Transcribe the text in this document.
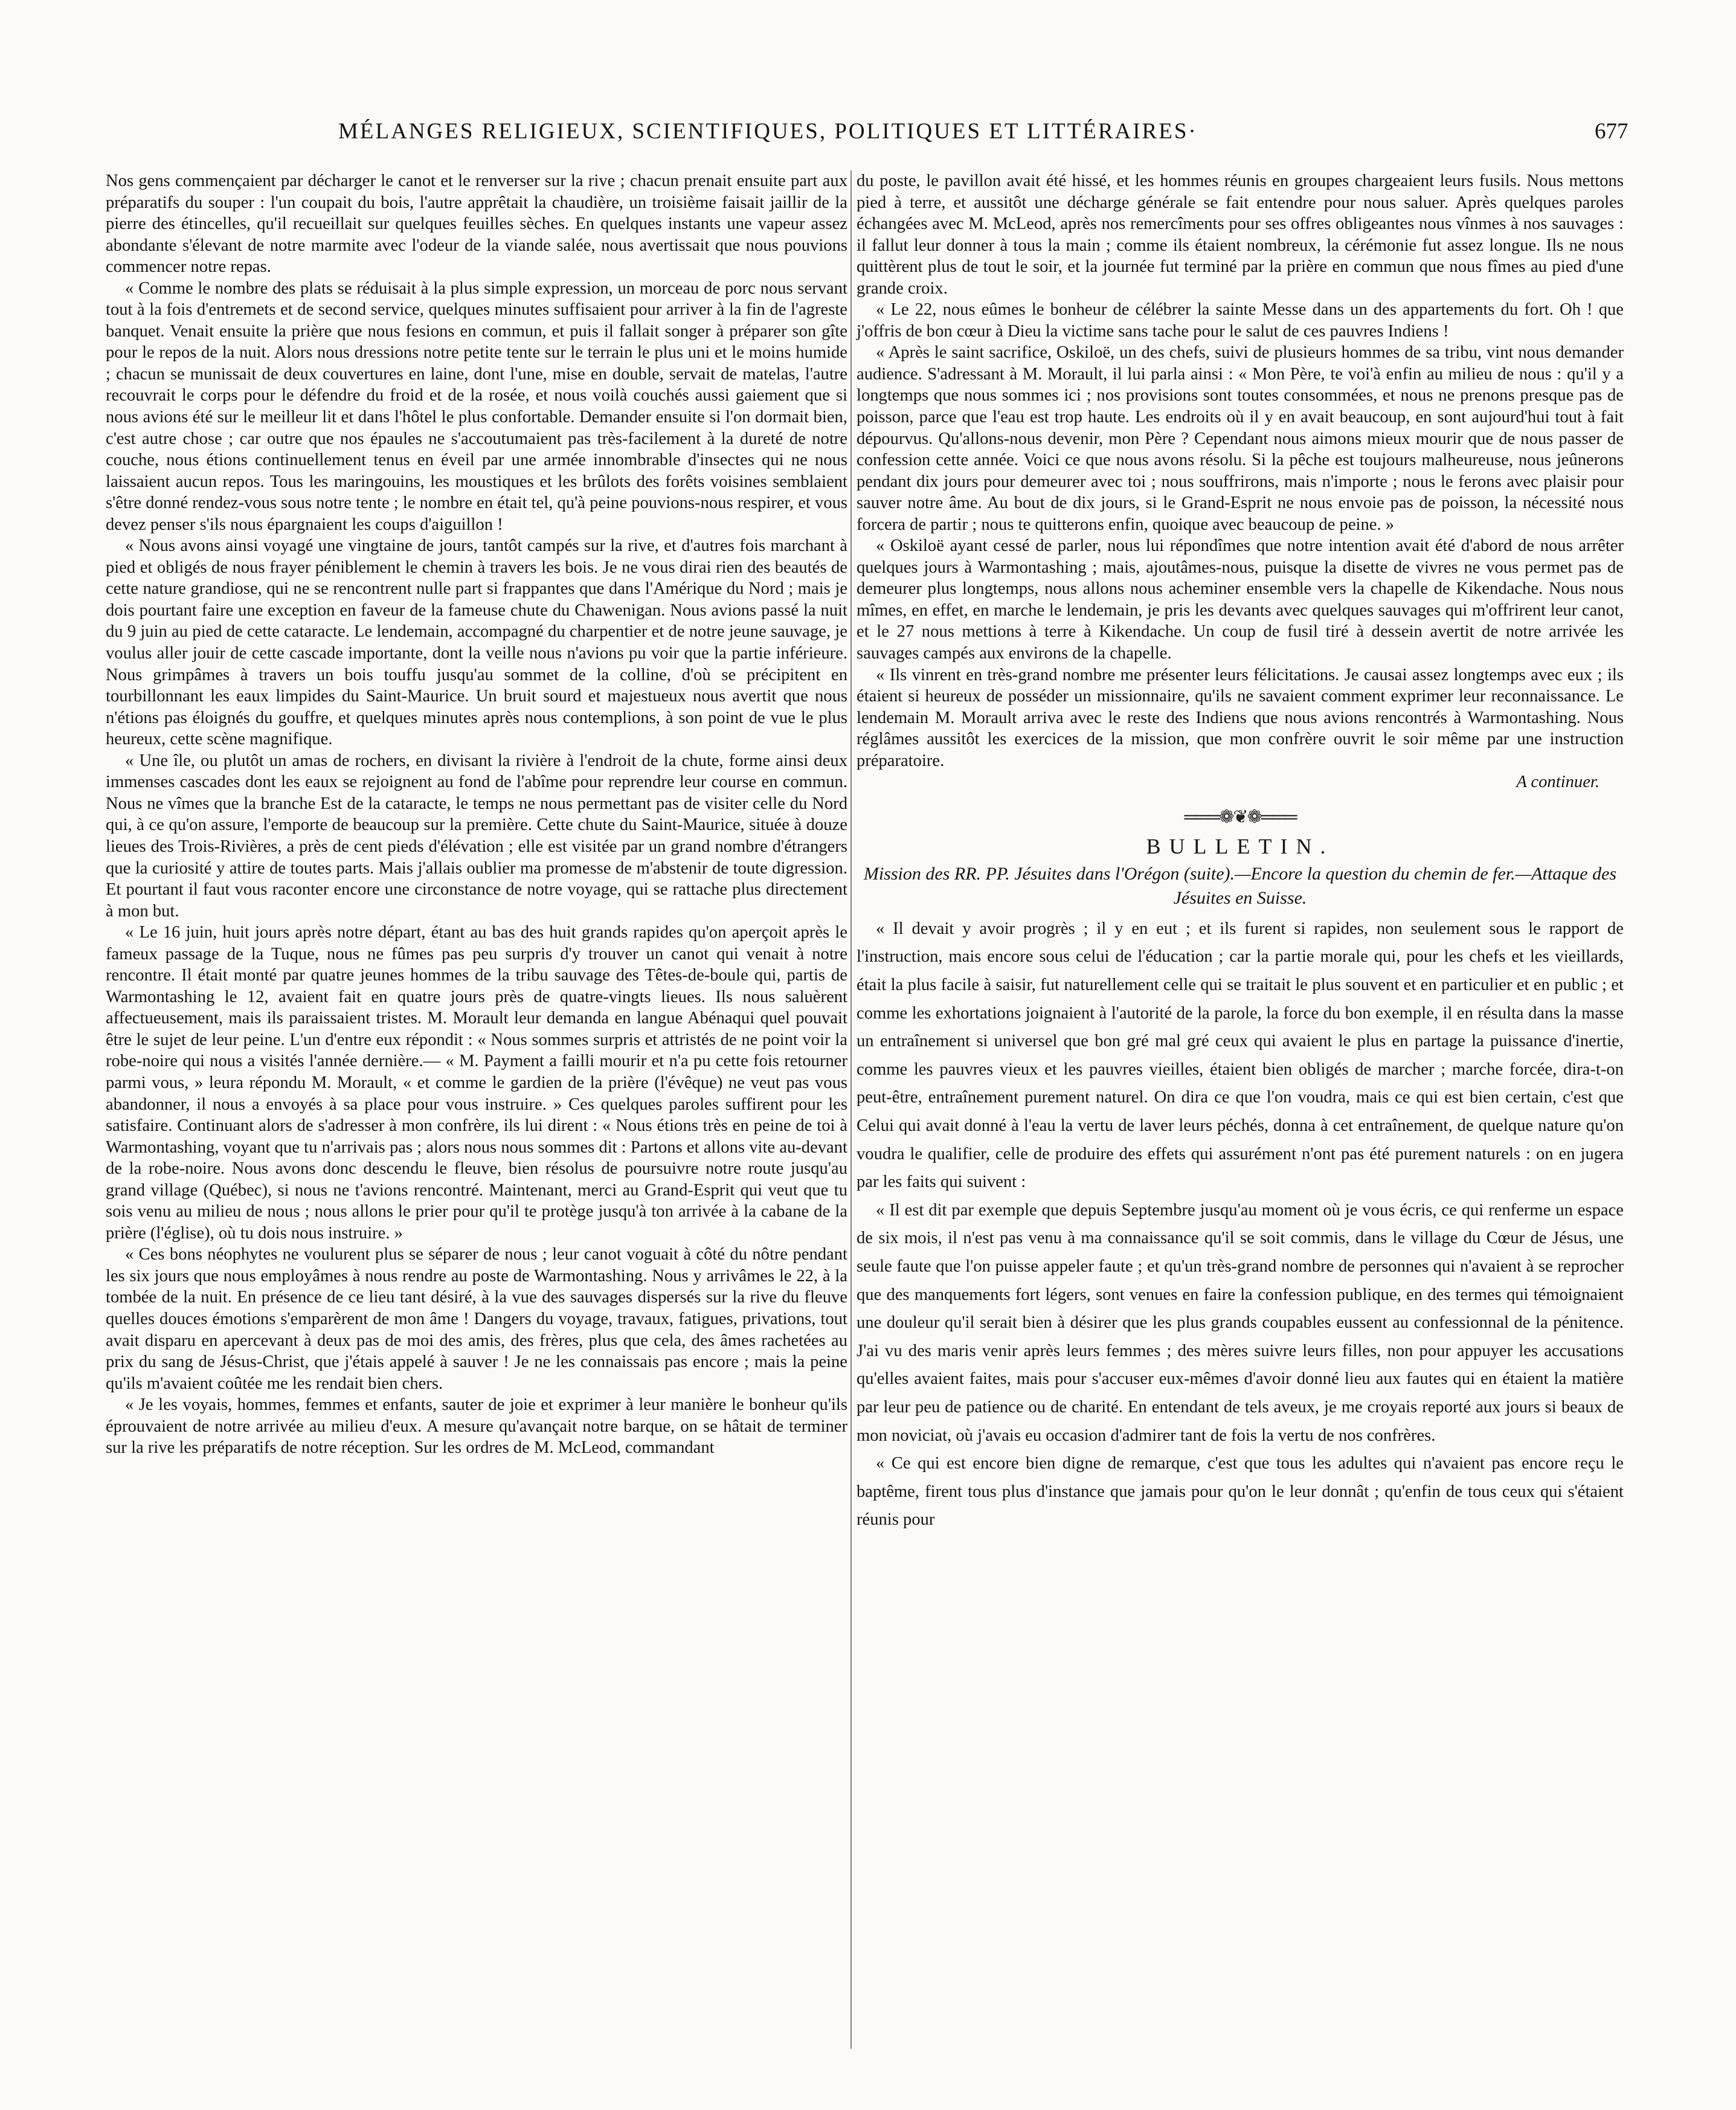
MÉLANGES RELIGIEUX, SCIENTIFIQUES, POLITIQUES ET LITTÉRAIRES·	677

Nos gens commençaient par décharger le canot et le renverser sur la rive ; chacun prenait ensuite part aux préparatifs du souper : l'un coupait du bois, l'autre apprêtait la chaudière, un troisième faisait jaillir de la pierre des étincelles, qu'il recueillait sur quelques feuilles sèches. En quelques instants une vapeur assez abondante s'élevant de notre marmite avec l'odeur de la viande salée, nous avertissait que nous pouvions commencer notre repas.

« Comme le nombre des plats se réduisait à la plus simple expression, un morceau de porc nous servant tout à la fois d'entremets et de second service, quelques minutes suffisaient pour arriver à la fin de l'agreste banquet. Venait ensuite la prière que nous fesions en commun, et puis il fallait songer à préparer son gîte pour le repos de la nuit. Alors nous dressions notre petite tente sur le terrain le plus uni et le moins humide ; chacun se munissait de deux couvertures en laine, dont l'une, mise en double, servait de matelas, l'autre recouvrait le corps pour le défendre du froid et de la rosée, et nous voilà couchés aussi gaiement que si nous avions été sur le meilleur lit et dans l'hôtel le plus confortable. Demander ensuite si l'on dormait bien, c'est autre chose ; car outre que nos épaules ne s'accoutumaient pas très-facilement à la dureté de notre couche, nous étions continuellement tenus en éveil par une armée innombrable d'insectes qui ne nous laissaient aucun repos. Tous les maringouins, les moustiques et les brûlots des forêts voisines semblaient s'être donné rendez-vous sous notre tente ; le nombre en était tel, qu'à peine pouvions-nous respirer, et vous devez penser s'ils nous épargnaient les coups d'aiguillon !

« Nous avons ainsi voyagé une vingtaine de jours, tantôt campés sur la rive, et d'autres fois marchant à pied et obligés de nous frayer péniblement le chemin à travers les bois. Je ne vous dirai rien des beautés de cette nature grandiose, qui ne se rencontrent nulle part si frappantes que dans l'Amérique du Nord ; mais je dois pourtant faire une exception en faveur de la fameuse chute du Chawenigan. Nous avions passé la nuit du 9 juin au pied de cette cataracte. Le lendemain, accompagné du charpentier et de notre jeune sauvage, je voulus aller jouir de cette cascade importante, dont la veille nous n'avions pu voir que la partie inférieure. Nous grimpâmes à travers un bois touffu jusqu'au sommet de la colline, d'où se précipitent en tourbillonnant les eaux limpides du Saint-Maurice. Un bruit sourd et majestueux nous avertit que nous n'étions pas éloignés du gouffre, et quelques minutes après nous contemplions, à son point de vue le plus heureux, cette scène magnifique.

« Une île, ou plutôt un amas de rochers, en divisant la rivière à l'endroit de la chute, forme ainsi deux immenses cascades dont les eaux se rejoignent au fond de l'abîme pour reprendre leur course en commun. Nous ne vîmes que la branche Est de la cataracte, le temps ne nous permettant pas de visiter celle du Nord qui, à ce qu'on assure, l'emporte de beaucoup sur la première. Cette chute du Saint-Maurice, située à douze lieues des Trois-Rivières, a près de cent pieds d'élévation ; elle est visitée par un grand nombre d'étrangers que la curiosité y attire de toutes parts. Mais j'allais oublier ma promesse de m'abstenir de toute digression. Et pourtant il faut vous raconter encore une circonstance de notre voyage, qui se rattache plus directement à mon but.

« Le 16 juin, huit jours après notre départ, étant au bas des huit grands rapides qu'on aperçoit après le fameux passage de la Tuque, nous ne fûmes pas peu surpris d'y trouver un canot qui venait à notre rencontre. Il était monté par quatre jeunes hommes de la tribu sauvage des Têtes-de-boule qui, partis de Warmontashing le 12, avaient fait en quatre jours près de quatre-vingts lieues. Ils nous saluèrent affectueusement, mais ils paraissaient tristes. M. Morault leur demanda en langue Abénaqui quel pouvait être le sujet de leur peine. L'un d'entre eux répondit : « Nous sommes surpris et attristés de ne point voir la robe-noire qui nous a visités l'année dernière.— « M. Payment a failli mourir et n'a pu cette fois retourner parmi vous, » leura répondu M. Morault, « et comme le gardien de la prière (l'évêque) ne veut pas vous abandonner, il nous a envoyés à sa place pour vous instruire. » Ces quelques paroles suffirent pour les satisfaire. Continuant alors de s'adresser à mon confrère, ils lui dirent : « Nous étions très en peine de toi à Warmontashing, voyant que tu n'arrivais pas ; alors nous nous sommes dit : Partons et allons vite au-devant de la robe-noire. Nous avons donc descendu le fleuve, bien résolus de poursuivre notre route jusqu'au grand village (Québec), si nous ne t'avions rencontré. Maintenant, merci au Grand-Esprit qui veut que tu sois venu au milieu de nous ; nous allons le prier pour qu'il te protège jusqu'à ton arrivée à la cabane de la prière (l'église), où tu dois nous instruire. »

« Ces bons néophytes ne voulurent plus se séparer de nous ; leur canot voguait à côté du nôtre pendant les six jours que nous employâmes à nous rendre au poste de Warmontashing. Nous y arrivâmes le 22, à la tombée de la nuit. En présence de ce lieu tant désiré, à la vue des sauvages dispersés sur la rive du fleuve quelles douces émotions s'emparèrent de mon âme ! Dangers du voyage, travaux, fatigues, privations, tout avait disparu en apercevant à deux pas de moi des amis, des frères, plus que cela, des âmes rachetées au prix du sang de Jésus-Christ, que j'étais appelé à sauver ! Je ne les connaissais pas encore ; mais la peine qu'ils m'avaient coûtée me les rendait bien chers.

« Je les voyais, hommes, femmes et enfants, sauter de joie et exprimer à leur manière le bonheur qu'ils éprouvaient de notre arrivée au milieu d'eux. A mesure qu'avançait notre barque, on se hâtait de terminer sur la rive les préparatifs de notre réception. Sur les ordres de M. McLeod, commandant

du poste, le pavillon avait été hissé, et les hommes réunis en groupes chargeaient leurs fusils. Nous mettons pied à terre, et aussitôt une décharge générale se fait entendre pour nous saluer. Après quelques paroles échangées avec M. McLeod, après nos remercîments pour ses offres obligeantes nous vînmes à nos sauvages : il fallut leur donner à tous la main ; comme ils étaient nombreux, la cérémonie fut assez longue. Ils ne nous quittèrent plus de tout le soir, et la journée fut terminé par la prière en commun que nous fîmes au pied d'une grande croix.

« Le 22, nous eûmes le bonheur de célébrer la sainte Messe dans un des appartements du fort. Oh ! que j'offris de bon cœur à Dieu la victime sans tache pour le salut de ces pauvres Indiens !

« Après le saint sacrifice, Oskiloë, un des chefs, suivi de plusieurs hommes de sa tribu, vint nous demander audience. S'adressant à M. Morault, il lui parla ainsi : « Mon Père, te voi'à enfin au milieu de nous : qu'il y a longtemps que nous sommes ici ; nos provisions sont toutes consommées, et nous ne prenons presque pas de poisson, parce que l'eau est trop haute. Les endroits où il y en avait beaucoup, en sont aujourd'hui tout à fait dépourvus. Qu'allons-nous devenir, mon Père ? Cependant nous aimons mieux mourir que de nous passer de confession cette année. Voici ce que nous avons résolu. Si la pêche est toujours malheureuse, nous jeûnerons pendant dix jours pour demeurer avec toi ; nous souffrirons, mais n'importe ; nous le ferons avec plaisir pour sauver notre âme. Au bout de dix jours, si le Grand-Esprit ne nous envoie pas de poisson, la nécessité nous forcera de partir ; nous te quitterons enfin, quoique avec beaucoup de peine. »

« Oskiloë ayant cessé de parler, nous lui répondîmes que notre intention avait été d'abord de nous arrêter quelques jours à Warmontashing ; mais, ajoutâmes-nous, puisque la disette de vivres ne vous permet pas de demeurer plus longtemps, nous allons nous acheminer ensemble vers la chapelle de Kikendache. Nous nous mîmes, en effet, en marche le lendemain, je pris les devants avec quelques sauvages qui m'offrirent leur canot, et le 27 nous mettions à terre à Kikendache. Un coup de fusil tiré à dessein avertit de notre arrivée les sauvages campés aux environs de la chapelle.

« Ils vinrent en très-grand nombre me présenter leurs félicitations. Je causai assez longtemps avec eux ; ils étaient si heureux de posséder un missionnaire, qu'ils ne savaient comment exprimer leur reconnaissance. Le lendemain M. Morault arriva avec le reste des Indiens que nous avions rencontrés à Warmontashing. Nous réglâmes aussitôt les exercices de la mission, que mon confrère ouvrit le soir même par une instruction préparatoire.

A continuer.

═══❁❦❁═══
BULLETIN.
Mission des RR. PP. Jésuites dans l'Orégon (suite).—Encore la question du chemin de fer.—Attaque des Jésuites en Suisse.

« Il devait y avoir progrès ; il y en eut ; et ils furent si rapides, non seulement sous le rapport de l'instruction, mais encore sous celui de l'éducation ; car la partie morale qui, pour les chefs et les vieillards, était la plus facile à saisir, fut naturellement celle qui se traitait le plus souvent et en particulier et en public ; et comme les exhortations joignaient à l'autorité de la parole, la force du bon exemple, il en résulta dans la masse un entraînement si universel que bon gré mal gré ceux qui avaient le plus en partage la puissance d'inertie, comme les pauvres vieux et les pauvres vieilles, étaient bien obligés de marcher ; marche forcée, dira-t-on peut-être, entraînement purement naturel. On dira ce que l'on voudra, mais ce qui est bien certain, c'est que Celui qui avait donné à l'eau la vertu de laver leurs péchés, donna à cet entraînement, de quelque nature qu'on voudra le qualifier, celle de produire des effets qui assurément n'ont pas été purement naturels : on en jugera par les faits qui suivent :

« Il est dit par exemple que depuis Septembre jusqu'au moment où je vous écris, ce qui renferme un espace de six mois, il n'est pas venu à ma connaissance qu'il se soit commis, dans le village du Cœur de Jésus, une seule faute que l'on puisse appeler faute ; et qu'un très-grand nombre de personnes qui n'avaient à se reprocher que des manquements fort légers, sont venues en faire la confession publique, en des termes qui témoignaient une douleur qu'il serait bien à désirer que les plus grands coupables eussent au confessionnal de la pénitence. J'ai vu des maris venir après leurs femmes ; des mères suivre leurs filles, non pour appuyer les accusations qu'elles avaient faites, mais pour s'accuser eux-mêmes d'avoir donné lieu aux fautes qui en étaient la matière par leur peu de patience ou de charité. En entendant de tels aveux, je me croyais reporté aux jours si beaux de mon noviciat, où j'avais eu occasion d'admirer tant de fois la vertu de nos confrères.

« Ce qui est encore bien digne de remarque, c'est que tous les adultes qui n'avaient pas encore reçu le baptême, firent tous plus d'instance que jamais pour qu'on le leur donnât ; qu'enfin de tous ceux qui s'étaient réunis pour
